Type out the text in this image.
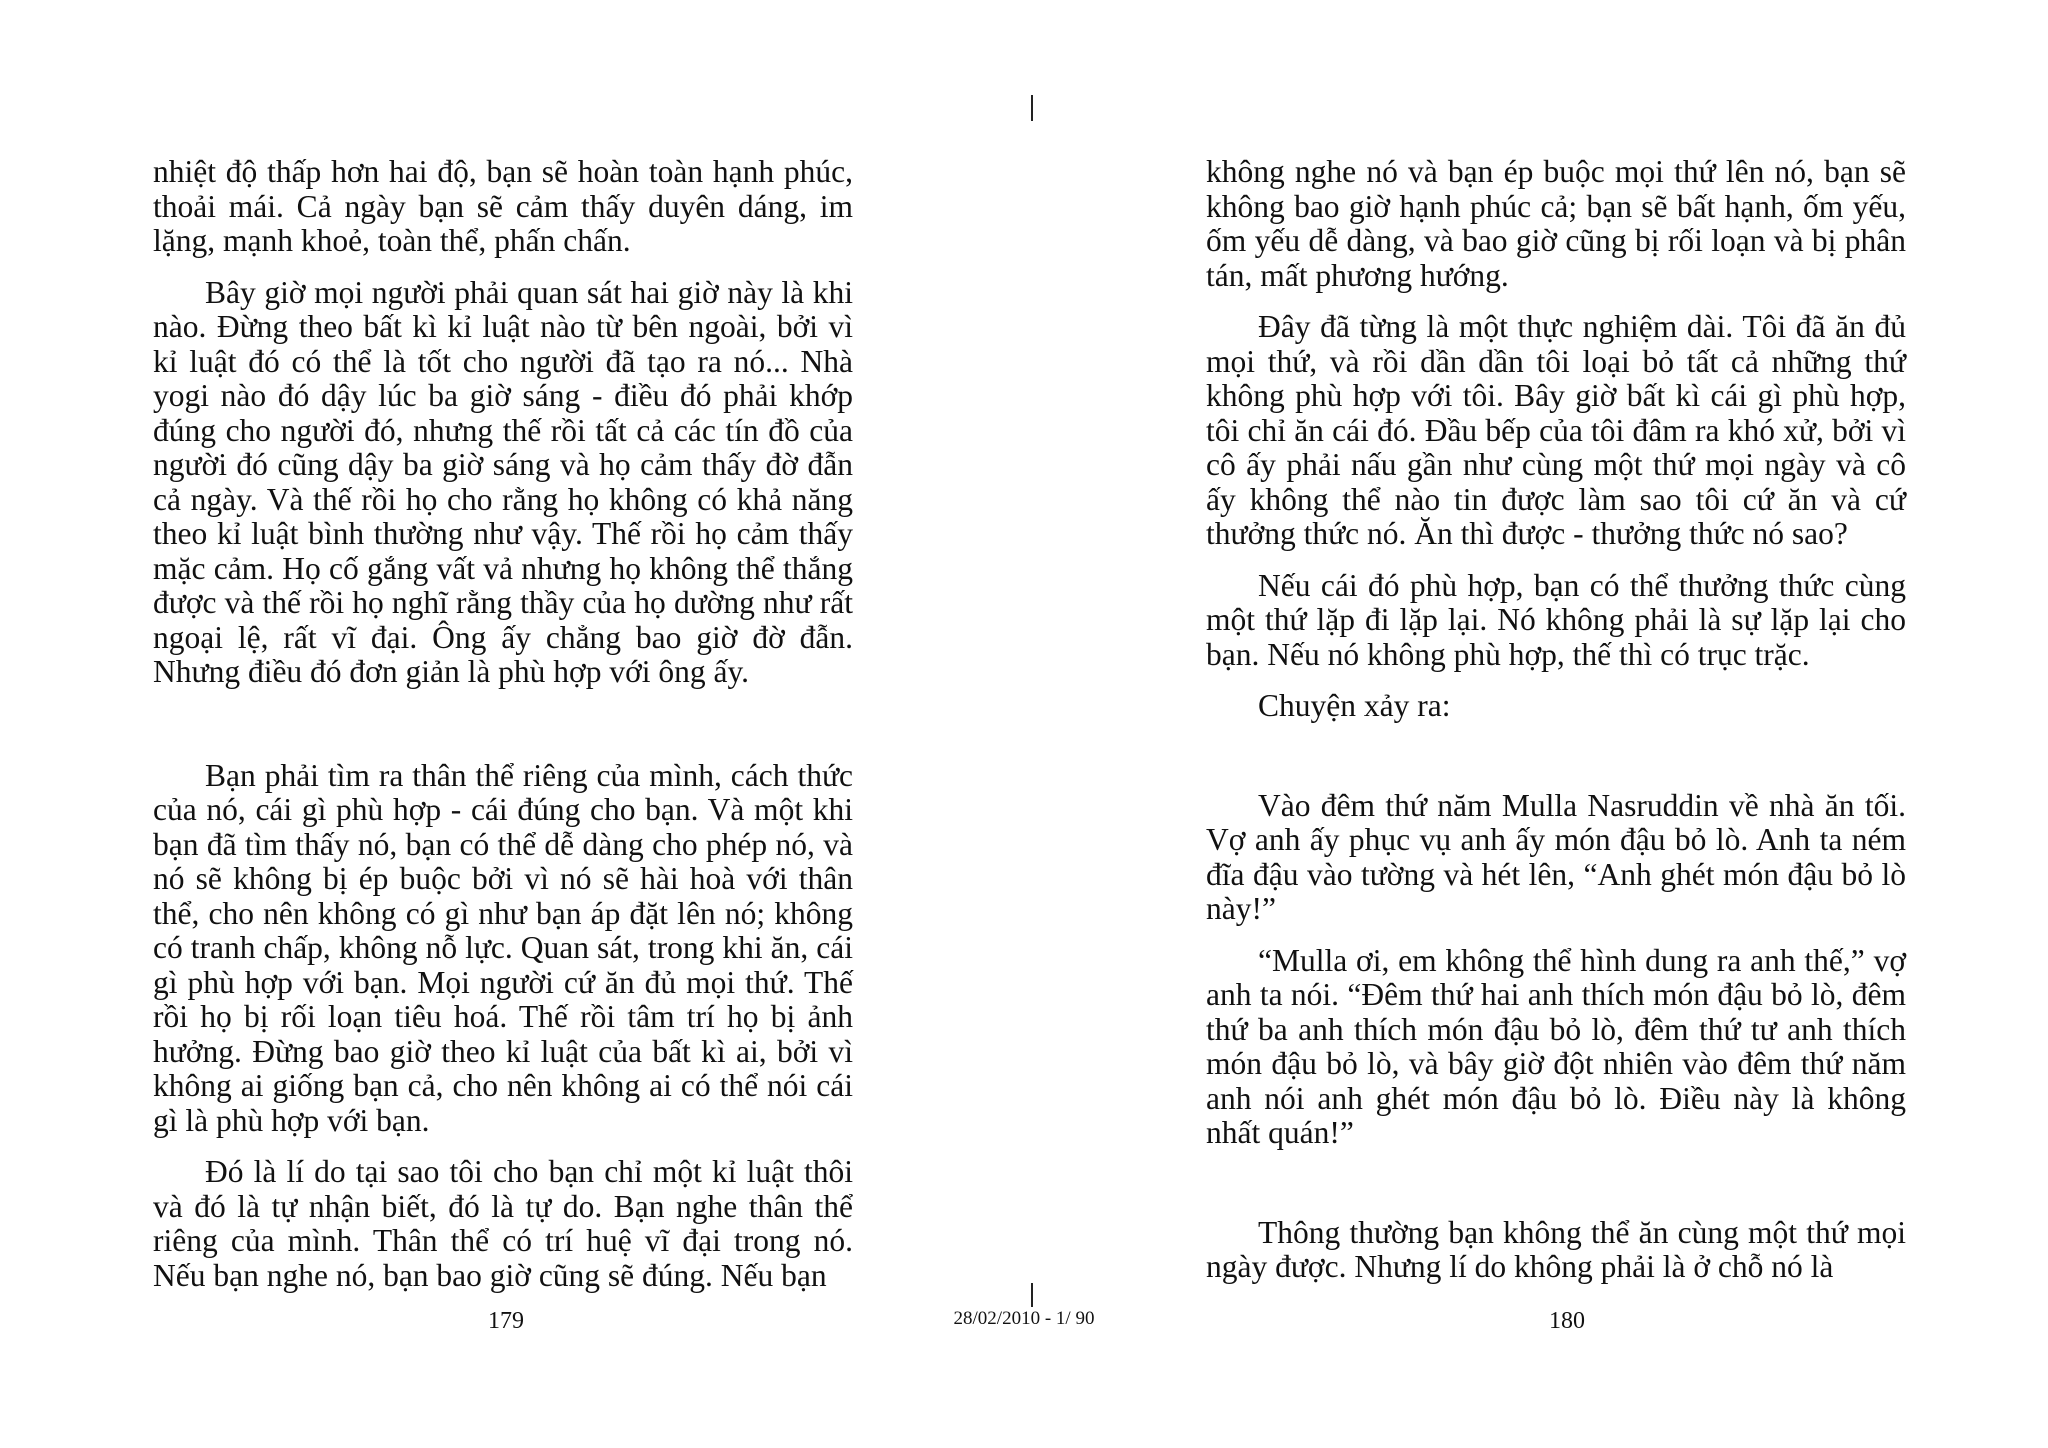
nhiệt độ thấp hơn hai độ, bạn sẽ hoàn toàn hạnh phúc, thoải mái. Cả ngày bạn sẽ cảm thấy duyên dáng, im lặng, mạnh khoẻ, toàn thể, phấn chấn.

Bây giờ mọi người phải quan sát hai giờ này là khi nào. Đừng theo bất kì kỉ luật nào từ bên ngoài, bởi vì kỉ luật đó có thể là tốt cho người đã tạo ra nó... Nhà yogi nào đó dậy lúc ba giờ sáng - điều đó phải khớp đúng cho người đó, nhưng thế rồi tất cả các tín đồ của người đó cũng dậy ba giờ sáng và họ cảm thấy đờ đẫn cả ngày. Và thế rồi họ cho rằng họ không có khả năng theo kỉ luật bình thường như vậy. Thế rồi họ cảm thấy mặc cảm. Họ cố gắng vất vả nhưng họ không thể thắng được và thế rồi họ nghĩ rằng thầy của họ dường như rất ngoại lệ, rất vĩ đại. Ông ấy chẳng bao giờ đờ đẫn. Nhưng điều đó đơn giản là phù hợp với ông ấy.

Bạn phải tìm ra thân thể riêng của mình, cách thức của nó, cái gì phù hợp - cái đúng cho bạn. Và một khi bạn đã tìm thấy nó, bạn có thể dễ dàng cho phép nó, và nó sẽ không bị ép buộc bởi vì nó sẽ hài hoà với thân thể, cho nên không có gì như bạn áp đặt lên nó; không có tranh chấp, không nỗ lực. Quan sát, trong khi ăn, cái gì phù hợp với bạn. Mọi người cứ ăn đủ mọi thứ. Thế rồi họ bị rối loạn tiêu hoá. Thế rồi tâm trí họ bị ảnh hưởng. Đừng bao giờ theo kỉ luật của bất kì ai, bởi vì không ai giống bạn cả, cho nên không ai có thể nói cái gì là phù hợp với bạn.

Đó là lí do tại sao tôi cho bạn chỉ một kỉ luật thôi và đó là tự nhận biết, đó là tự do. Bạn nghe thân thể riêng của mình. Thân thể có trí huệ vĩ đại trong nó. Nếu bạn nghe nó, bạn bao giờ cũng sẽ đúng. Nếu bạn

không nghe nó và bạn ép buộc mọi thứ lên nó, bạn sẽ không bao giờ hạnh phúc cả; bạn sẽ bất hạnh, ốm yếu, ốm yếu dễ dàng, và bao giờ cũng bị rối loạn và bị phân tán, mất phương hướng.

Đây đã từng là một thực nghiệm dài. Tôi đã ăn đủ mọi thứ, và rồi dần dần tôi loại bỏ tất cả những thứ không phù hợp với tôi. Bây giờ bất kì cái gì phù hợp, tôi chỉ ăn cái đó. Đầu bếp của tôi đâm ra khó xử, bởi vì cô ấy phải nấu gần như cùng một thứ mọi ngày và cô ấy không thể nào tin được làm sao tôi cứ ăn và cứ thưởng thức nó. Ăn thì được - thưởng thức nó sao?

Nếu cái đó phù hợp, bạn có thể thưởng thức cùng một thứ lặp đi lặp lại. Nó không phải là sự lặp lại cho bạn. Nếu nó không phù hợp, thế thì có trục trặc.

Chuyện xảy ra:

Vào đêm thứ năm Mulla Nasruddin về nhà ăn tối. Vợ anh ấy phục vụ anh ấy món đậu bỏ lò. Anh ta ném đĩa đậu vào tường và hét lên, “Anh ghét món đậu bỏ lò này!”

“Mulla ơi, em không thể hình dung ra anh thế,” vợ anh ta nói. “Đêm thứ hai anh thích món đậu bỏ lò, đêm thứ ba anh thích món đậu bỏ lò, đêm thứ tư anh thích món đậu bỏ lò, và bây giờ đột nhiên vào đêm thứ năm anh nói anh ghét món đậu bỏ lò. Điều này là không nhất quán!”

Thông thường bạn không thể ăn cùng một thứ mọi ngày được. Nhưng lí do không phải là ở chỗ nó là

179	28/02/2010 - 1/ 90	180
